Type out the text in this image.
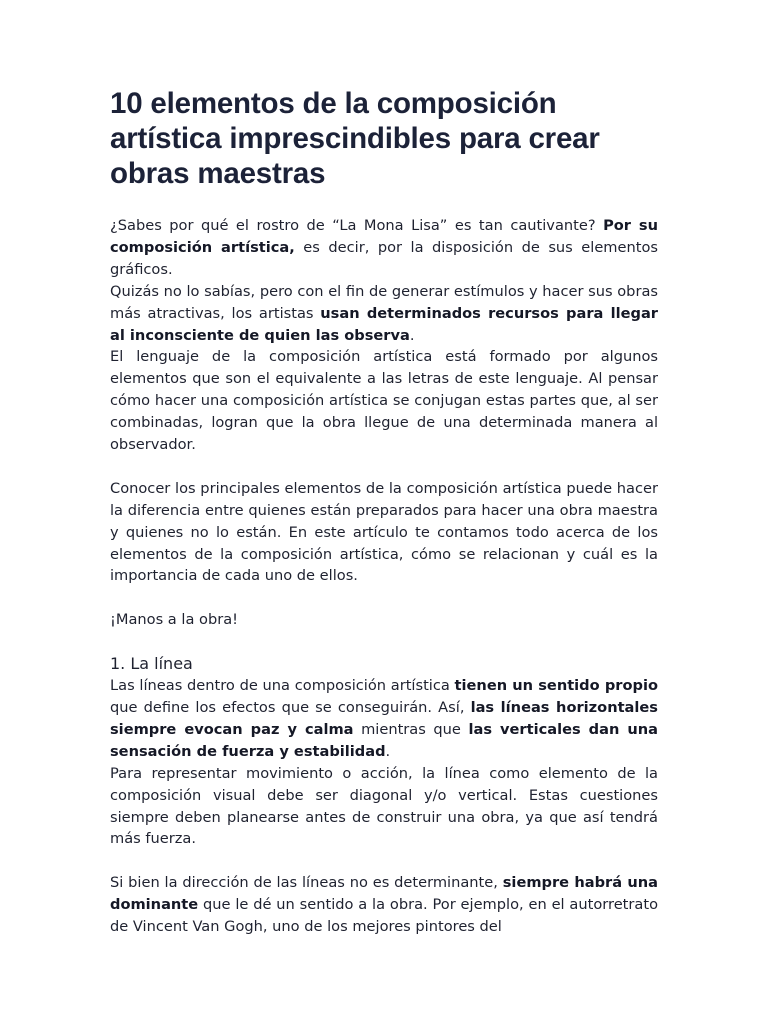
10 elementos de la composición artística imprescindibles para crear obras maestras

¿Sabes por qué el rostro de “La Mona Lisa” es tan cautivante? Por su composición artística, es decir, por la disposición de sus elementos gráficos.

Quizás no lo sabías, pero con el fin de generar estímulos y hacer sus obras más atractivas, los artistas usan determinados recursos para llegar al inconsciente de quien las observa.

El lenguaje de la composición artística está formado por algunos elementos que son el equivalente a las letras de este lenguaje. Al pensar cómo hacer una composición artística se conjugan estas partes que, al ser combinadas, logran que la obra llegue de una determinada manera al observador.

Conocer los principales elementos de la composición artística puede hacer la diferencia entre quienes están preparados para hacer una obra maestra y quienes no lo están. En este artículo te contamos todo acerca de los elementos de la composición artística, cómo se relacionan y cuál es la importancia de cada uno de ellos.

¡Manos a la obra!

1. La línea

Las líneas dentro de una composición artística tienen un sentido propio que define los efectos que se conseguirán. Así, las líneas horizontales siempre evocan paz y calma mientras que las verticales dan una sensación de fuerza y estabilidad.

Para representar movimiento o acción, la línea como elemento de la composición visual debe ser diagonal y/o vertical. Estas cuestiones siempre deben planearse antes de construir una obra, ya que así tendrá más fuerza.

Si bien la dirección de las líneas no es determinante, siempre habrá una dominante que le dé un sentido a la obra. Por ejemplo, en el autorretrato de Vincent Van Gogh, uno de los mejores pintores del
